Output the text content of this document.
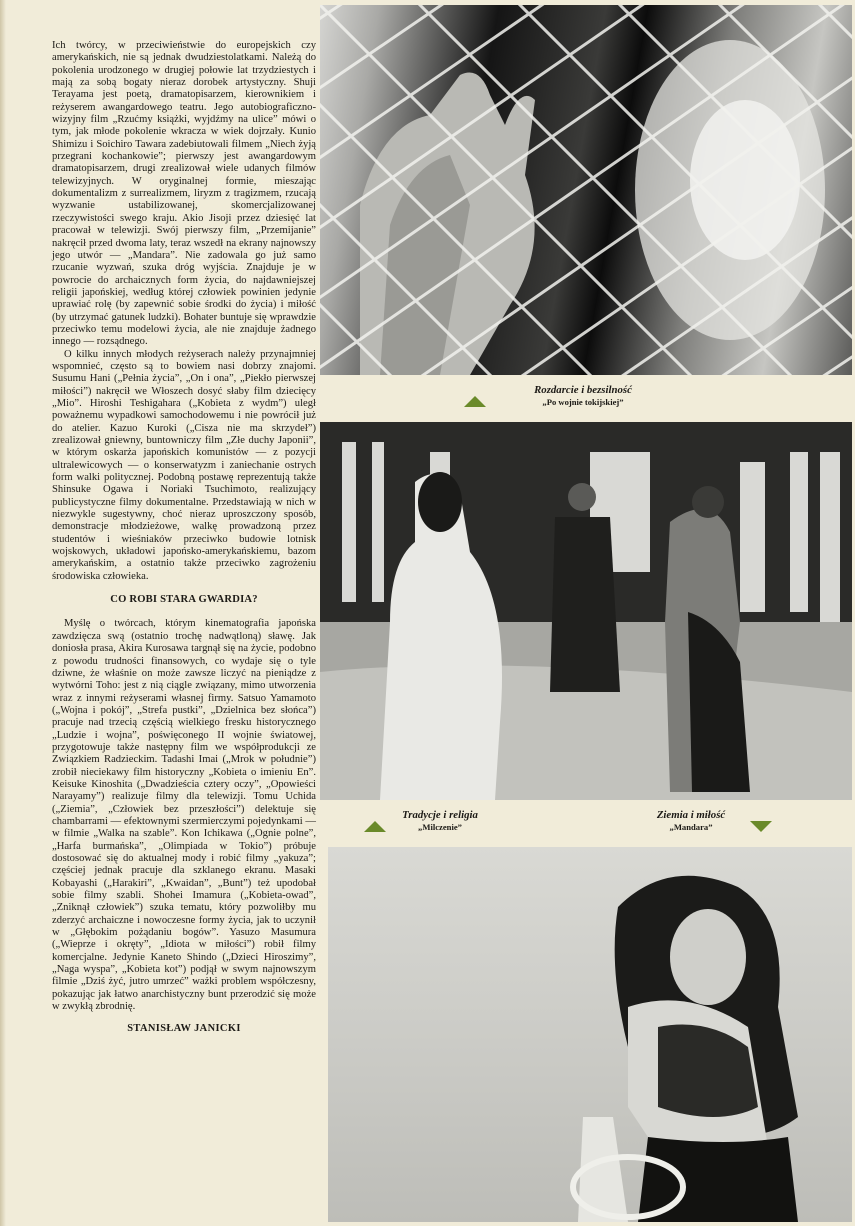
Ich twórcy, w przeciwieństwie do europejskich czy amerykańskich, nie są jednak dwudziestolatkami. Należą do pokolenia urodzonego w drugiej połowie lat trzydziestych i mają za sobą bogaty nieraz dorobek artystyczny. Shuji Terayama jest poetą, dramatopisarzem, kierownikiem i reżyserem awangardowego teatru. Jego autobiograficzno-wizyjny film „Rzućmy książki, wyjdźmy na ulice” mówi o tym, jak młode pokolenie wkracza w wiek dojrzały. Kunio Shimizu i Soichiro Tawara zadebiutowali filmem „Niech żyją przegrani kochankowie”; pierwszy jest awangardowym dramatopisarzem, drugi zrealizował wiele udanych filmów telewizyjnych. W oryginalnej formie, mieszając dokumentalizm z surrealizmem, liryzm z tragizmem, rzucają wyzwanie ustabilizowanej, skomercjalizowanej rzeczywistości swego kraju. Akio Jisoji przez dziesięć lat pracował w telewizji. Swój pierwszy film, „Przemijanie” nakręcił przed dwoma laty, teraz wszedł na ekrany najnowszy jego utwór — „Mandara”. Nie zadowala go już samo rzucanie wyzwań, szuka dróg wyjścia. Znajduje je w powrocie do archaicznych form życia, do najdawniejszej religii japońskiej, według której człowiek powinien jedynie uprawiać rolę (by zapewnić sobie środki do życia) i miłość (by utrzymać gatunek ludzki). Bohater buntuje się wprawdzie przeciwko temu modelowi życia, ale nie znajduje żadnego innego — rozsądnego.

O kilku innych młodych reżyserach należy przynajmniej wspomnieć, często są to bowiem nasi dobrzy znajomi. Susumu Hani („Pełnia życia”, „On i ona”, „Piekło pierwszej miłości”) nakręcił we Włoszech dosyć słaby film dziecięcy „Mio”. Hiroshi Teshigahara („Kobieta z wydm”) uległ poważnemu wypadkowi samochodowemu i nie powrócił już do atelier. Kazuo Kuroki („Cisza nie ma skrzydeł”) zrealizował gniewny, buntowniczy film „Złe duchy Japonii”, w którym oskarża japońskich komunistów — z pozycji ultralewicowych — o konserwatyzm i zaniechanie ostrych form walki politycznej. Podobną postawę reprezentują także Shinsuke Ogawa i Noriaki Tsuchimoto, realizujący publicystyczne filmy dokumentalne. Przedstawiają w nich w niezwykle sugestywny, choć nieraz uproszczony sposób, demonstracje młodzieżowe, walkę prowadzoną przez studentów i wieśniaków przeciwko budowie lotnisk wojskowych, układowi japońsko-amerykańskiemu, bazom amerykańskim, a ostatnio także przeciwko zagrożeniu środowiska człowieka.

CO ROBI STARA GWARDIA?

Myślę o twórcach, którym kinematografia japońska zawdzięcza swą (ostatnio trochę nadwątloną) sławę. Jak doniosła prasa, Akira Kurosawa targnął się na życie, podobno z powodu trudności finansowych, co wydaje się o tyle dziwne, że właśnie on może zawsze liczyć na pieniądze z wytwórni Toho: jest z nią ciągle związany, mimo utworzenia wraz z innymi reżyserami własnej firmy. Satsuo Yamamoto („Wojna i pokój”, „Strefa pustki”, „Dzielnica bez słońca”) pracuje nad trzecią częścią wielkiego fresku historycznego „Ludzie i wojna”, poświęconego II wojnie światowej, przygotowuje także następny film we współprodukcji ze Związkiem Radzieckim. Tadashi Imai („Mrok w południe”) zrobił nieciekawy film historyczny „Kobieta o imieniu En”. Keisuke Kinoshita („Dwadzieścia cztery oczy”, „Opowieści Narayamy”) realizuje filmy dla telewizji. Tomu Uchida („Ziemia”, „Człowiek bez przeszłości”) delektuje się chambarrami — efektownymi szermierczymi pojedynkami — w filmie „Walka na szable”. Kon Ichikawa („Ognie polne”, „Harfa burmańska”, „Olimpiada w Tokio”) próbuje dostosować się do aktualnej mody i robić filmy „yakuza”; częściej jednak pracuje dla szklanego ekranu. Masaki Kobayashi („Harakiri”, „Kwaidan”, „Bunt”) też upodobał sobie filmy szabli. Shohei Imamura („Kobieta-owad”, „Zniknął człowiek”) szuka tematu, który pozwoliłby mu zderzyć archaiczne i nowoczesne formy życia, jak to uczynił w „Głębokim pożądaniu bogów”. Yasuzo Masumura („Wieprze i okręty”, „Idiota w miłości”) robił filmy komercjalne. Jedynie Kaneto Shindo („Dzieci Hiroszimy”, „Naga wyspa”, „Kobieta kot”) podjął w swym najnowszym filmie „Dziś żyć, jutro umrzeć” ważki problem współczesny, pokazując jak łatwo anarchistyczny bunt przerodzić się może w zwykłą zbrodnię.

STANISŁAW JANICKI
Rozdarcie i bezsilność
„Po wojnie tokijskiej”
Tradycje i religia
„Milczenie”
Ziemia i miłość
„Mandara”
